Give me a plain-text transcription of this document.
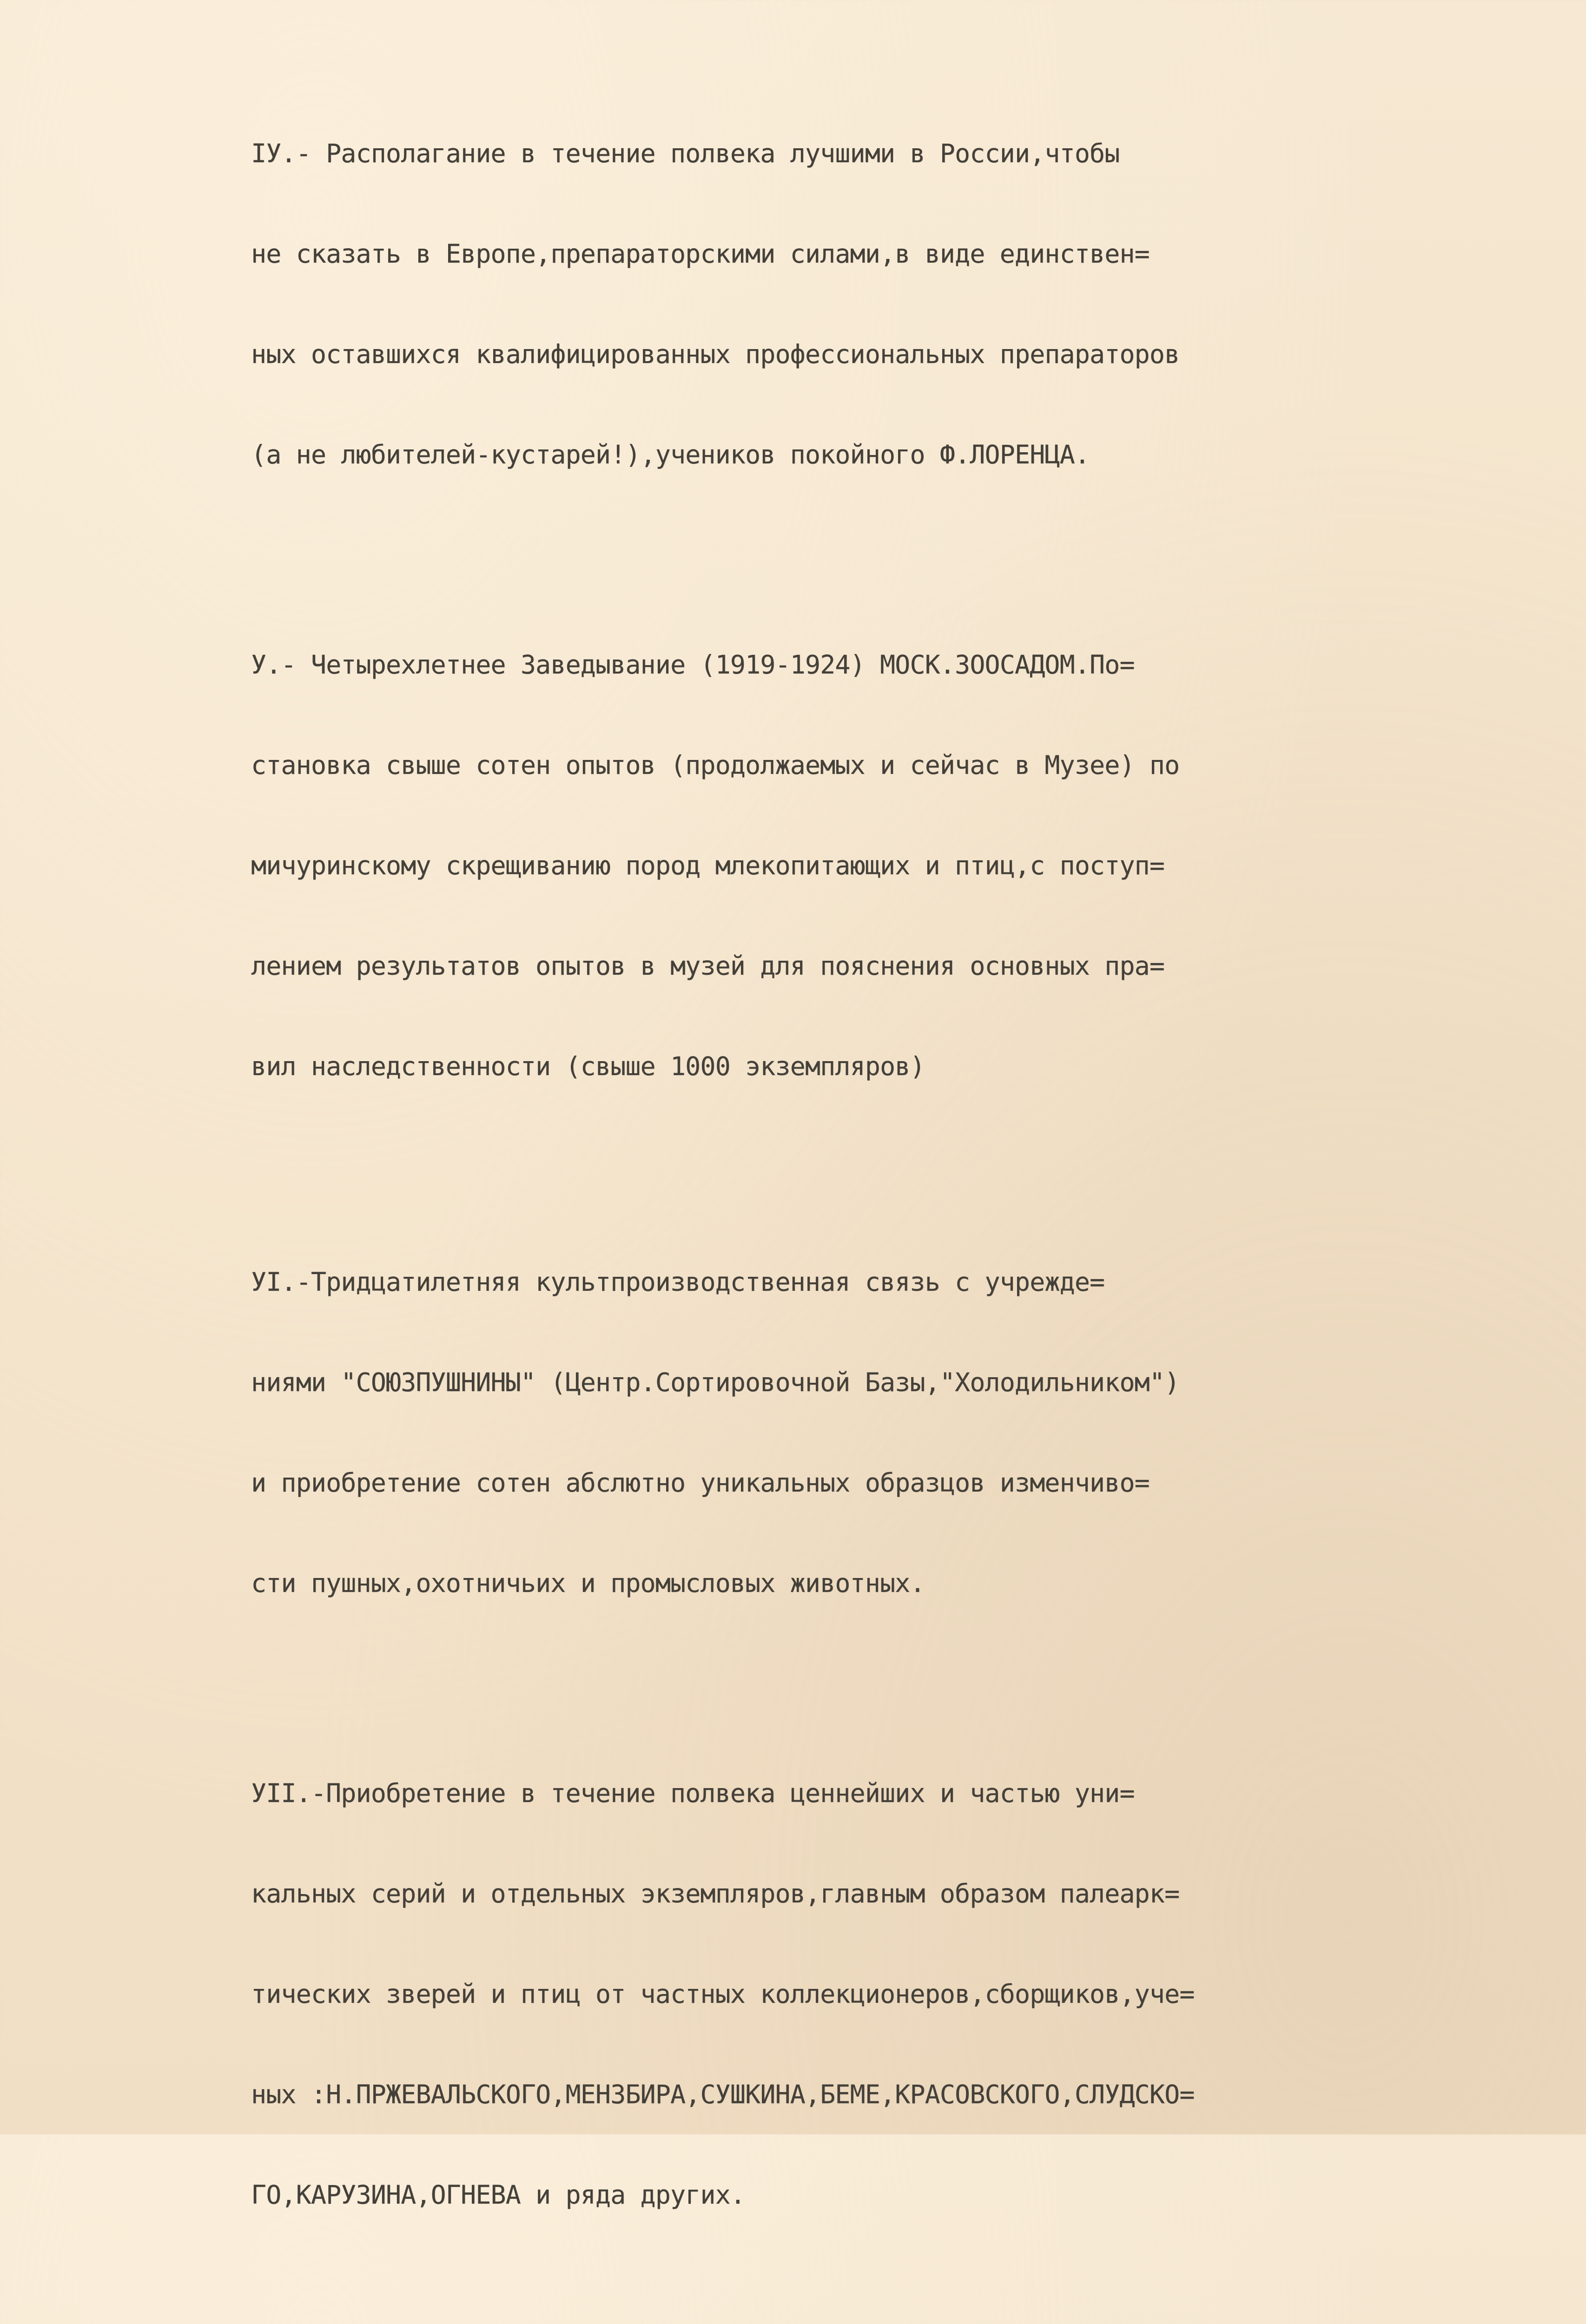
IУ.- Располагание в течение полвека лучшими в России,чтобы

не сказать в Европе,препараторскими силами,в виде единствен=

ных оставшихся квалифицированных профессиональных препараторов

(а не любителей-кустарей!),учеников покойного Ф.ЛОРЕНЦА.

У.- Четырехлетнее Заведывание (1919-1924) МОСК.ЗООСАДОМ.По=

становка свыше сотен опытов (продолжаемых и сейчас в Музее) по

мичуринскому скрещиванию пород млекопитающих и птиц,с поступ=

лением результатов опытов в музей для пояснения основных пра=

вил наследственности (свыше 1000 экземпляров)

УI.-Тридцатилетняя культпроизводственная связь с учрежде=

ниями "СОЮЗПУШНИНЫ" (Центр.Сортировочной Базы,"Холодильником")

и приобретение сотен абслютно уникальных образцов изменчиво=

сти пушных,охотничьих и промысловых животных.

УII.-Приобретение в течение полвека ценнейших и частью уни=

кальных серий и отдельных экземпляров,главным образом палеарк=

тических зверей и птиц от частных коллекционеров,сборщиков,уче=

ных :Н.ПРЖЕВАЛЬСКОГО,МЕНЗБИРА,СУШКИНА,БЕМЕ,КРАСОВСКОГО,СЛУДСКО=

ГО,КАРУЗИНА,ОГНЕВА и ряда других.
